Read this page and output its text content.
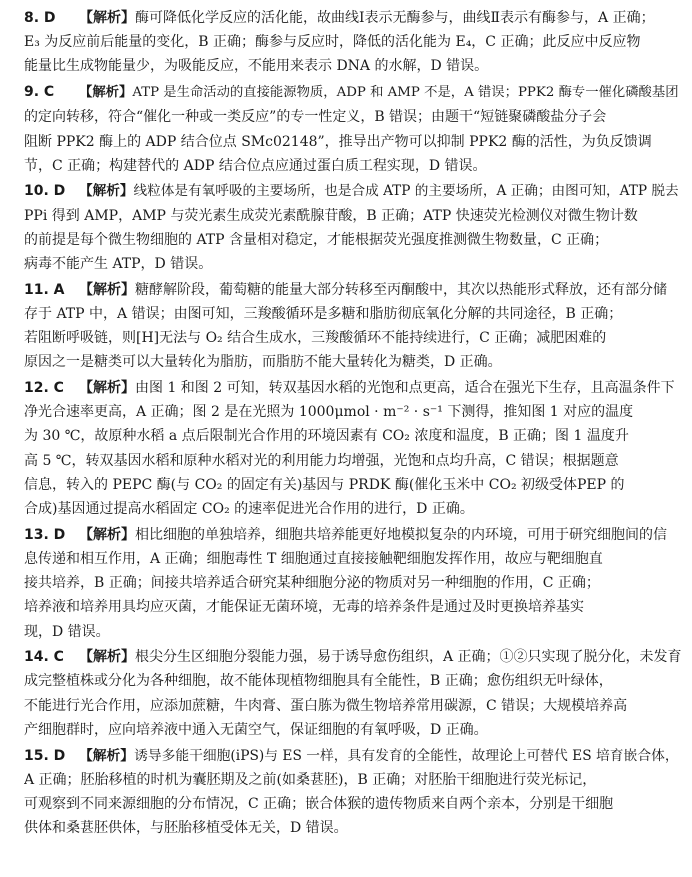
8. D 【解析】酶可降低化学反应的活化能，故曲线Ⅰ表示无酶参与，曲线Ⅱ表示有酶参与，A 正确；
E₃ 为反应前后能量的变化，B 正确；酶参与反应时，降低的活化能为 E₄，C 正确；此反应中反应物
能量比生成物能量少，为吸能反应，不能用来表示 DNA 的水解，D 错误。
9. C 【解析】ATP 是生命活动的直接能源物质，ADP 和 AMP 不是，A 错误；PPK2 酶专一催化磷酸基团
的定向转移，符合“催化一种或一类反应”的专一性定义，B 错误；由题干“短链聚磷酸盐分子会
阻断 PPK2 酶上的 ADP 结合位点 SMc02148”，推导出产物可以抑制 PPK2 酶的活性，为负反馈调
节，C 正确；构建替代的 ADP 结合位点应通过蛋白质工程实现，D 错误。
10. D 【解析】线粒体是有氧呼吸的主要场所，也是合成 ATP 的主要场所，A 正确；由图可知，ATP 脱去
PPi 得到 AMP，AMP 与荧光素生成荧光素酰腺苷酸，B 正确；ATP 快速荧光检测仪对微生物计数
的前提是每个微生物细胞的 ATP 含量相对稳定，才能根据荧光强度推测微生物数量，C 正确；
病毒不能产生 ATP，D 错误。
11. A 【解析】糖酵解阶段，葡萄糖的能量大部分转移至丙酮酸中，其次以热能形式释放，还有部分储
存于 ATP 中，A 错误；由图可知，三羧酸循环是多糖和脂肪彻底氧化分解的共同途径，B 正确；
若阻断呼吸链，则[H]无法与 O₂ 结合生成水，三羧酸循环不能持续进行，C 正确；减肥困难的
原因之一是糖类可以大量转化为脂肪，而脂肪不能大量转化为糖类，D 正确。
12. C 【解析】由图 1 和图 2 可知，转双基因水稻的光饱和点更高，适合在强光下生存，且高温条件下
净光合速率更高，A 正确；图 2 是在光照为 1000μmol · m⁻² · s⁻¹ 下测得，推知图 1 对应的温度
为 30 ℃，故原种水稻 a 点后限制光合作用的环境因素有 CO₂ 浓度和温度，B 正确；图 1 温度升
高 5 ℃，转双基因水稻和原种水稻对光的利用能力均增强，光饱和点均升高，C 错误；根据题意
信息，转入的 PEPC 酶(与 CO₂ 的固定有关)基因与 PRDK 酶(催化玉米中 CO₂ 初级受体PEP 的
合成)基因通过提高水稻固定 CO₂ 的速率促进光合作用的进行，D 正确。
13. D 【解析】相比细胞的单独培养，细胞共培养能更好地模拟复杂的内环境，可用于研究细胞间的信
息传递和相互作用，A 正确；细胞毒性 T 细胞通过直接接触靶细胞发挥作用，故应与靶细胞直
接共培养，B 正确；间接共培养适合研究某种细胞分泌的物质对另一种细胞的作用，C 正确；
培养液和培养用具均应灭菌，才能保证无菌环境，无毒的培养条件是通过及时更换培养基实
现，D 错误。
14. C 【解析】根尖分生区细胞分裂能力强，易于诱导愈伤组织，A 正确；①②只实现了脱分化，未发育
成完整植株或分化为各种细胞，故不能体现植物细胞具有全能性，B 正确；愈伤组织无叶绿体，
不能进行光合作用，应添加蔗糖，牛肉膏、蛋白胨为微生物培养常用碳源，C 错误；大规模培养高
产细胞群时，应向培养液中通入无菌空气，保证细胞的有氧呼吸，D 正确。
15. D 【解析】诱导多能干细胞(iPS)与 ES 一样，具有发育的全能性，故理论上可替代 ES 培育嵌合体，
A 正确；胚胎移植的时机为囊胚期及之前(如桑葚胚)，B 正确；对胚胎干细胞进行荧光标记，
可观察到不同来源细胞的分布情况，C 正确；嵌合体猴的遗传物质来自两个亲本，分别是干细胞
供体和桑葚胚供体，与胚胎移植受体无关，D 错误。
